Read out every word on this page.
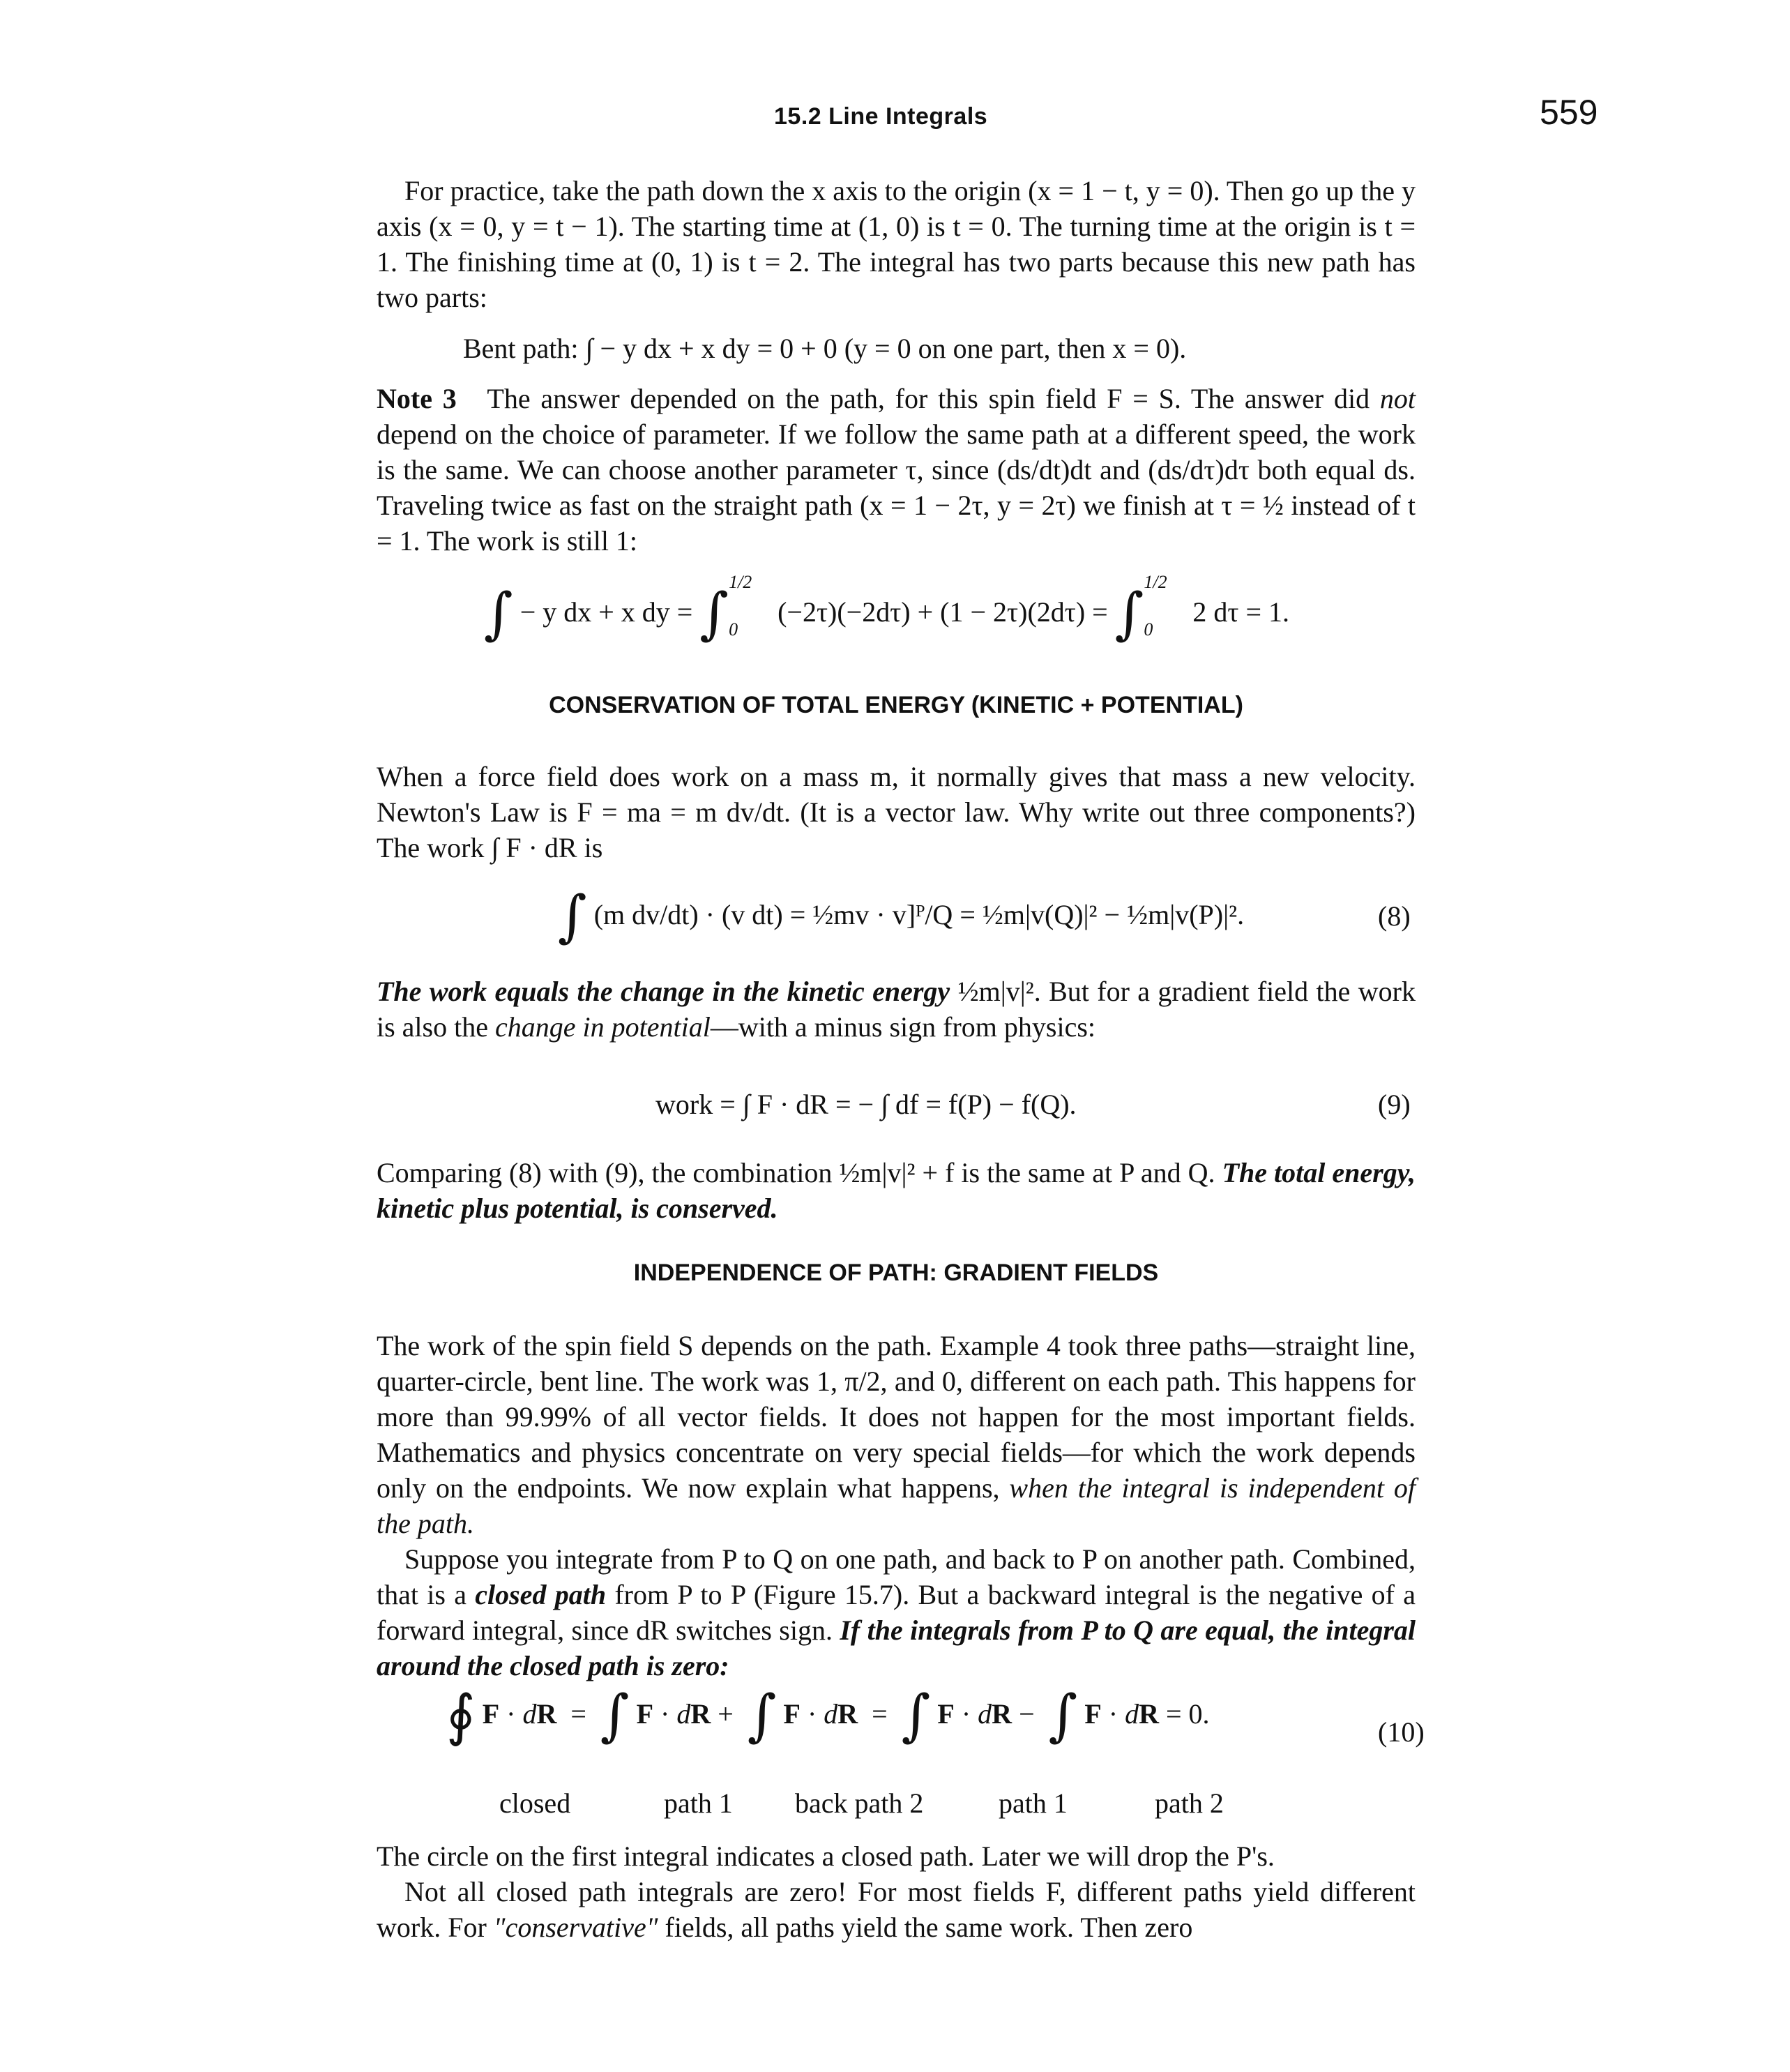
15.2 Line Integrals	559

For practice, take the path down the x axis to the origin (x = 1 − t, y = 0). Then go up the y axis (x = 0, y = t − 1). The starting time at (1, 0) is t = 0. The turning time at the origin is t = 1. The finishing time at (0, 1) is t = 2. The integral has two parts because this new path has two parts:

Bent path: ∫ − y dx + x dy = 0 + 0 (y = 0 on one part, then x = 0).

Note 3 The answer depended on the path, for this spin field F = S. The answer did not depend on the choice of parameter. If we follow the same path at a different speed, the work is the same. We can choose another parameter τ, since (ds/dt)dt and (ds/dτ)dτ both equal ds. Traveling twice as fast on the straight path (x = 1 − 2τ, y = 2τ) we finish at τ = ½ instead of t = 1. The work is still 1:

∫ − y dx + x dy = ∫ 1/2
0
(−2τ)(−2dτ) + (1 − 2τ)(2dτ) = ∫ 1/2
0
2 dτ = 1.
CONSERVATION OF TOTAL ENERGY (KINETIC + POTENTIAL)

When a force field does work on a mass m, it normally gives that mass a new velocity. Newton's Law is F = ma = m dv/dt. (It is a vector law. Why write out three components?) The work ∫ F · dR is

∫ (m dv/dt) · (v dt) = ½mv · v]ᴾ/Q = ½m|v(Q)|² − ½m|v(P)|².	(8)

The work equals the change in the kinetic energy ½m|v|². But for a gradient field the work is also the change in potential—with a minus sign from physics:

work = ∫ F · dR = − ∫ df = f(P) − f(Q).	(9)

Comparing (8) with (9), the combination ½m|v|² + f is the same at P and Q. The total energy, kinetic plus potential, is conserved.

INDEPENDENCE OF PATH: GRADIENT FIELDS

The work of the spin field S depends on the path. Example 4 took three paths—straight line, quarter-circle, bent line. The work was 1, π/2, and 0, different on each path. This happens for more than 99.99% of all vector fields. It does not happen for the most important fields. Mathematics and physics concentrate on very special fields—for which the work depends only on the endpoints. We now explain what happens, when the integral is independent of the path.

Suppose you integrate from P to Q on one path, and back to P on another path. Combined, that is a closed path from P to P (Figure 15.7). But a backward integral is the negative of a forward integral, since dR switches sign. If the integrals from P to Q are equal, the integral around the closed path is zero:

∮ F · dR  =  ∫ F · dR +  ∫ F · dR  =  ∫ F · dR −  ∫ F · dR = 0.
(10)
closed	path 1 back path 2	path 1	path 2

The circle on the first integral indicates a closed path. Later we will drop the P's.

Not all closed path integrals are zero! For most fields F, different paths yield different work. For "conservative" fields, all paths yield the same work. Then zero
